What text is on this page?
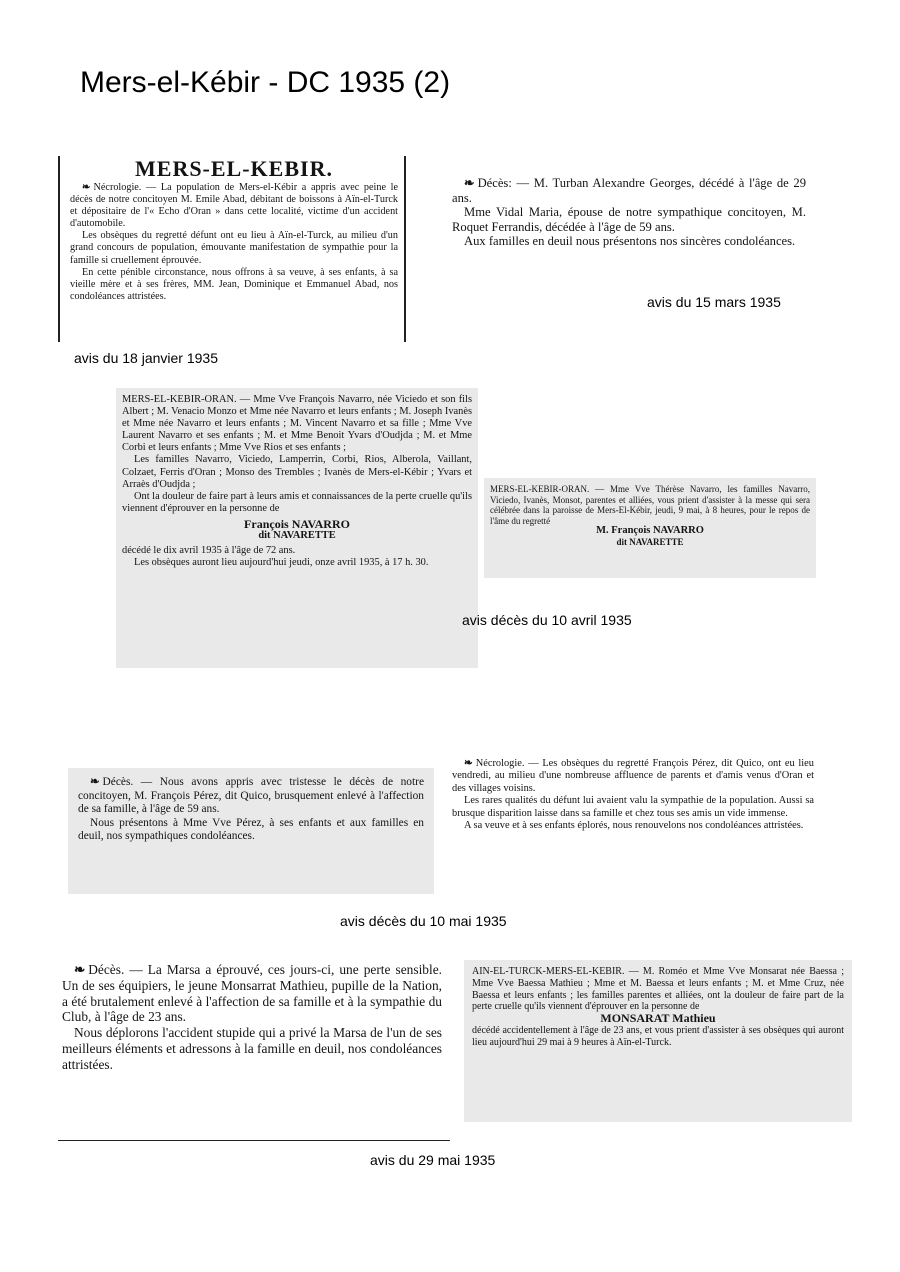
Mers-el-Kébir - DC 1935 (2)

MERS-EL-KEBIR.

❧ Nécrologie. — La population de Mers-el-Kébir a appris avec peine le décès de notre concitoyen M. Emile Abad, débitant de boissons à Aïn-el-Turck et dépositaire de l'« Echo d'Oran » dans cette localité, victime d'un accident d'automobile.

Les obsèques du regretté défunt ont eu lieu à Aïn-el-Turck, au milieu d'un grand concours de population, émouvante manifestation de sympathie pour la famille si cruellement éprouvée.

En cette pénible circonstance, nous offrons à sa veuve, à ses enfants, à sa vieille mère et à ses frères, MM. Jean, Dominique et Emmanuel Abad, nos condoléances attristées.

avis du 18 janvier 1935

❧ Décès: — M. Turban Alexandre Georges, décédé à l'âge de 29 ans.

Mme Vidal Maria, épouse de notre sympathique concitoyen, M. Roquet Ferrandis, décédée à l'âge de 59 ans.

Aux familles en deuil nous présentons nos sincères condoléances.

avis du 15 mars 1935

MERS-EL-KEBIR-ORAN. — Mme Vve François Navarro, née Viciedo et son fils Albert ; M. Venacio Monzo et Mme née Navarro et leurs enfants ; M. Joseph Ivanès et Mme née Navarro et leurs enfants ; M. Vincent Navarro et sa fille ; Mme Vve Laurent Navarro et ses enfants ; M. et Mme Benoit Yvars d'Oudjda ; M. et Mme Corbi et leurs enfants ; Mme Vve Rios et ses enfants ;

Les familles Navarro, Viciedo, Lamperrin, Corbi, Rios, Alberola, Vaillant, Colzaet, Ferris d'Oran ; Monso des Trembles ; Ivanès de Mers-el-Kébir ; Yvars et Arraès d'Oudjda ;

Ont la douleur de faire part à leurs amis et connaissances de la perte cruelle qu'ils viennent d'éprouver en la personne de

François NAVARRO

dit NAVARETTE

décédé le dix avril 1935 à l'âge de 72 ans.

Les obsèques auront lieu aujourd'hui jeudi, onze avril 1935, à 17 h. 30.

MERS-EL-KEBIR-ORAN. — Mme Vve Thérèse Navarro, les familles Navarro, Viciedo, Ivanès, Monsot, parentes et alliées, vous prient d'assister à la messe qui sera célébrée dans la paroisse de Mers-El-Kébir, jeudi, 9 mai, à 8 heures, pour le repos de l'âme du regretté

M. François NAVARRO

dit NAVARETTE

avis décès du 10 avril 1935

❧ Décès. — Nous avons appris avec tristesse le décès de notre concitoyen, M. François Pérez, dit Quico, brusquement enlevé à l'affection de sa famille, à l'âge de 59 ans.

Nous présentons à Mme Vve Pérez, à ses enfants et aux familles en deuil, nos sympathiques condoléances.

❧ Nécrologie. — Les obsèques du regretté François Pérez, dit Quico, ont eu lieu vendredi, au milieu d'une nombreuse affluence de parents et d'amis venus d'Oran et des villages voisins.

Les rares qualités du défunt lui avaient valu la sympathie de la population. Aussi sa brusque disparition laisse dans sa famille et chez tous ses amis un vide immense.

A sa veuve et à ses enfants éplorés, nous renouvelons nos condoléances attristées.

avis décès du 10 mai 1935

❧ Décès. — La Marsa a éprouvé, ces jours-ci, une perte sensible. Un de ses équipiers, le jeune Monsarrat Mathieu, pupille de la Nation, a été brutalement enlevé à l'affection de sa famille et à la sympathie du Club, à l'âge de 23 ans.

Nous déplorons l'accident stupide qui a privé la Marsa de l'un de ses meilleurs éléments et adressons à la famille en deuil, nos condoléances attristées.

avis du 29 mai 1935

AIN-EL-TURCK-MERS-EL-KEBIR. — M. Roméo et Mme Vve Monsarat née Baessa ; Mme Vve Baessa Mathieu ; Mme et M. Baessa et leurs enfants ; M. et Mme Cruz, née Baessa et leurs enfants ; les familles parentes et alliées, ont la douleur de faire part de la perte cruelle qu'ils viennent d'éprouver en la personne de

MONSARAT Mathieu

décédé accidentellement à l'âge de 23 ans, et vous prient d'assister à ses obsèques qui auront lieu aujourd'hui 29 mai à 9 heures à Aïn-el-Turck.
